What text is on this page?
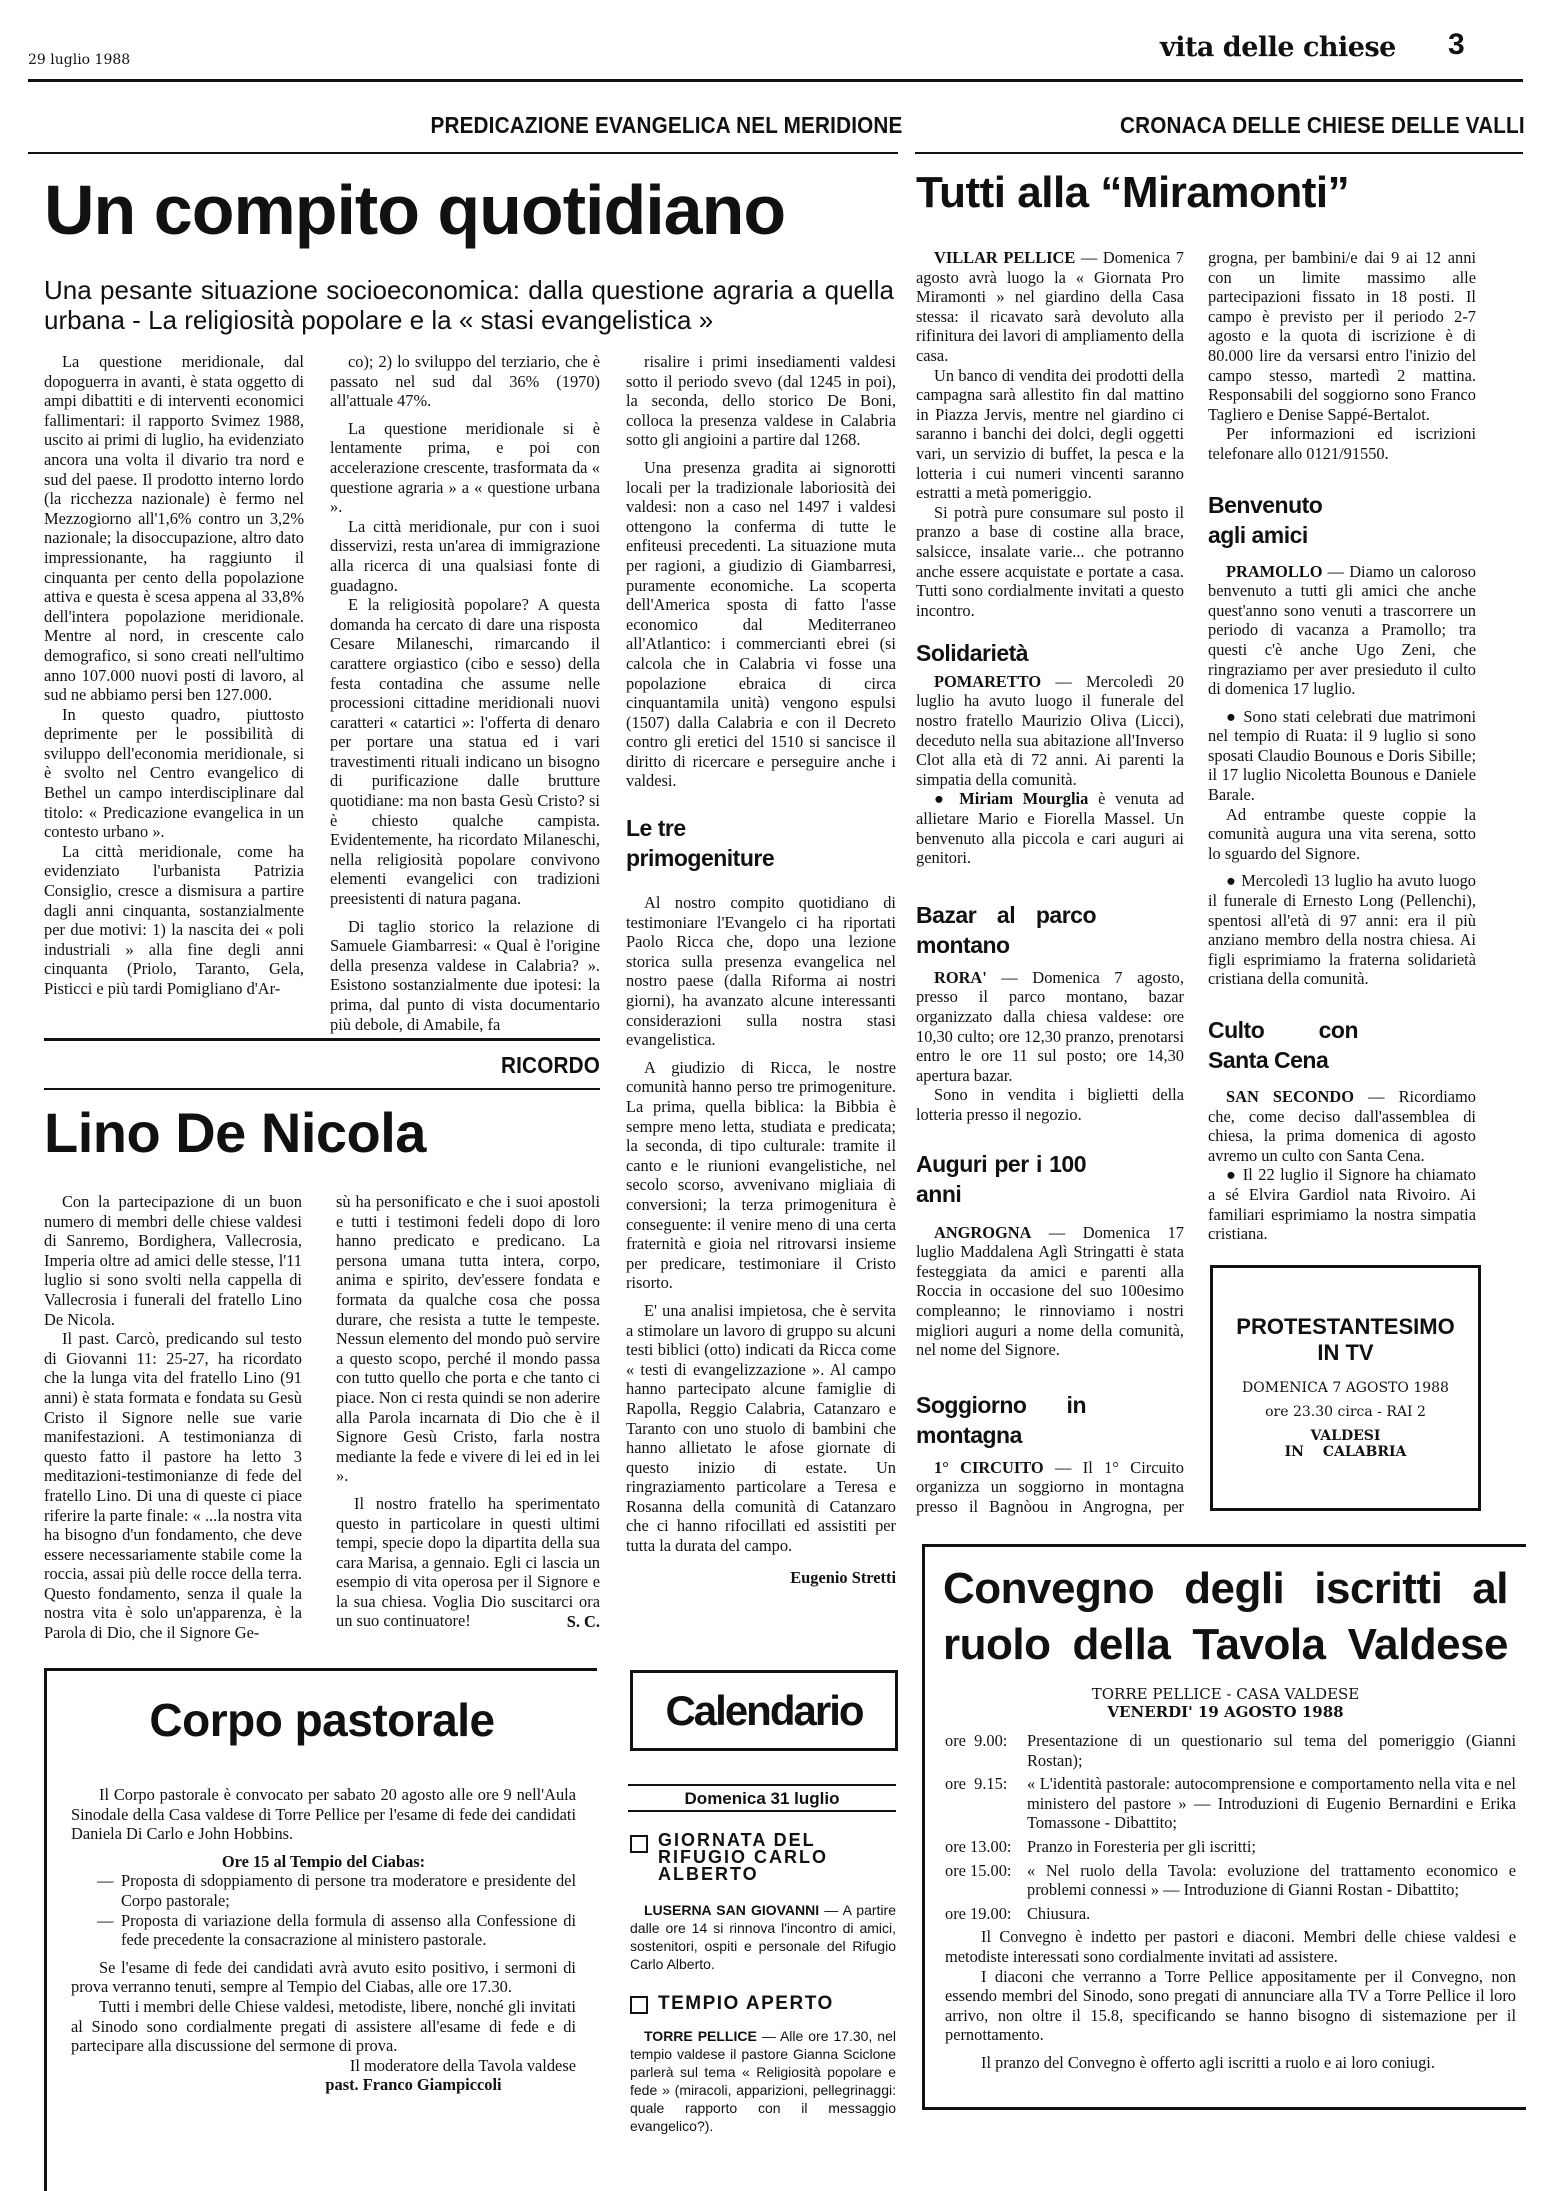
29 luglio 1988	vita delle chiese 3
PREDICAZIONE EVANGELICA NEL MERIDIONE	CRONACA DELLE CHIESE DELLE VALLI
Un compito quotidiano
Una pesante situazione socioeconomica: dalla questione agraria a quella urbana - La religiosità popolare e la « stasi evangelistica »

La questione meridionale, dal dopoguerra in avanti, è stata oggetto di ampi dibattiti e di interventi economici fallimentari: il rapporto Svimez 1988, uscito ai primi di luglio, ha evidenziato ancora una volta il divario tra nord e sud del paese. Il prodotto interno lordo (la ricchezza nazionale) è fermo nel Mezzogiorno all'1,6% contro un 3,2% nazionale; la disoccupazione, altro dato impressionante, ha raggiunto il cinquanta per cento della popolazione attiva e questa è scesa appena al 33,8% dell'intera popolazione meridionale. Mentre al nord, in crescente calo demografico, si sono creati nell'ultimo anno 107.000 nuovi posti di lavoro, al sud ne abbiamo persi ben 127.000.

In questo quadro, piuttosto deprimente per le possibilità di sviluppo dell'economia meridionale, si è svolto nel Centro evangelico di Bethel un campo interdisciplinare dal titolo: « Predicazione evangelica in un contesto urbano ».

La città meridionale, come ha evidenziato l'urbanista Patrizia Consiglio, cresce a dismisura a partire dagli anni cinquanta, sostanzialmente per due motivi: 1) la nascita dei « poli industriali » alla fine degli anni cinquanta (Priolo, Taranto, Gela, Pisticci e più tardi Pomigliano d'Ar-

co); 2) lo sviluppo del terziario, che è passato nel sud dal 36% (1970) all'attuale 47%.

La questione meridionale si è lentamente prima, e poi con accelerazione crescente, trasformata da « questione agraria » a « questione urbana ».

La città meridionale, pur con i suoi disservizi, resta un'area di immigrazione alla ricerca di una qualsiasi fonte di guadagno.

E la religiosità popolare? A questa domanda ha cercato di dare una risposta Cesare Milaneschi, rimarcando il carattere orgiastico (cibo e sesso) della festa contadina che assume nelle processioni cittadine meridionali nuovi caratteri « catartici »: l'offerta di denaro per portare una statua ed i vari travestimenti rituali indicano un bisogno di purificazione dalle brutture quotidiane: ma non basta Gesù Cristo? si è chiesto qualche campista. Evidentemente, ha ricordato Milaneschi, nella religiosità popolare convivono elementi evangelici con tradizioni preesistenti di natura pagana.

Di taglio storico la relazione di Samuele Giambarresi: « Qual è l'origine della presenza valdese in Calabria? ». Esistono sostanzialmente due ipotesi: la prima, dal punto di vista documentario più debole, di Amabile, fa

risalire i primi insediamenti valdesi sotto il periodo svevo (dal 1245 in poi), la seconda, dello storico De Boni, colloca la presenza valdese in Calabria sotto gli angioini a partire dal 1268.

Una presenza gradita ai signorotti locali per la tradizionale laboriosità dei valdesi: non a caso nel 1497 i valdesi ottengono la conferma di tutte le enfiteusi precedenti. La situazione muta per ragioni, a giudizio di Giambarresi, puramente economiche. La scoperta dell'America sposta di fatto l'asse economico dal Mediterraneo all'Atlantico: i commercianti ebrei (si calcola che in Calabria vi fosse una popolazione ebraica di circa cinquantamila unità) vengono espulsi (1507) dalla Calabria e con il Decreto contro gli eretici del 1510 si sancisce il diritto di ricercare e perseguire anche i valdesi.

Le tre primogeniture

Al nostro compito quotidiano di testimoniare l'Evangelo ci ha riportati Paolo Ricca che, dopo una lezione storica sulla presenza evangelica nel nostro paese (dalla Riforma ai nostri giorni), ha avanzato alcune interessanti considerazioni sulla nostra stasi evangelistica.

A giudizio di Ricca, le nostre comunità hanno perso tre primogeniture. La prima, quella biblica: la Bibbia è sempre meno letta, studiata e predicata; la seconda, di tipo culturale: tramite il canto e le riunioni evangelistiche, nel secolo scorso, avvenivano migliaia di conversioni; la terza primogenitura è conseguente: il venire meno di una certa fraternità e gioia nel ritrovarsi insieme per predicare, testimoniare il Cristo risorto.

E' una analisi impietosa, che è servita a stimolare un lavoro di gruppo su alcuni testi biblici (otto) indicati da Ricca come « testi di evangelizzazione ». Al campo hanno partecipato alcune famiglie di Rapolla, Reggio Calabria, Catanzaro e Taranto con uno stuolo di bambini che hanno allietato le afose giornate di questo inizio di estate. Un ringraziamento particolare a Teresa e Rosanna della comunità di Catanzaro che ci hanno rifocillati ed assistiti per tutta la durata del campo.

Eugenio Stretti
RICORDO
Lino De Nicola

Con la partecipazione di un buon numero di membri delle chiese valdesi di Sanremo, Bordighera, Vallecrosia, Imperia oltre ad amici delle stesse, l'11 luglio si sono svolti nella cappella di Vallecrosia i funerali del fratello Lino De Nicola.

Il past. Carcò, predicando sul testo di Giovanni 11: 25-27, ha ricordato che la lunga vita del fratello Lino (91 anni) è stata formata e fondata su Gesù Cristo il Signore nelle sue varie manifestazioni. A testimonianza di questo fatto il pastore ha letto 3 meditazioni-testimonianze di fede del fratello Lino. Di una di queste ci piace riferire la parte finale: « ...la nostra vita ha bisogno d'un fondamento, che deve essere necessariamente stabile come la roccia, assai più delle rocce della terra. Questo fondamento, senza il quale la nostra vita è solo un'apparenza, è la Parola di Dio, che il Signore Ge-

sù ha personificato e che i suoi apostoli e tutti i testimoni fedeli dopo di loro hanno predicato e predicano. La persona umana tutta intera, corpo, anima e spirito, dev'essere fondata e formata da qualche cosa che possa durare, che resista a tutte le tempeste. Nessun elemento del mondo può servire a questo scopo, perché il mondo passa con tutto quello che porta e che tanto ci piace. Non ci resta quindi se non aderire alla Parola incarnata di Dio che è il Signore Gesù Cristo, farla nostra mediante la fede e vivere di lei ed in lei ».

Il nostro fratello ha sperimentato questo in particolare in questi ultimi tempi, specie dopo la dipartita della sua cara Marisa, a gennaio. Egli ci lascia un esempio di vita operosa per il Signore e la sua chiesa. Voglia Dio suscitarci ora un suo continuatore!	S. C.
Corpo pastorale

Il Corpo pastorale è convocato per sabato 20 agosto alle ore 9 nell'Aula Sinodale della Casa valdese di Torre Pellice per l'esame di fede dei candidati Daniela Di Carlo e John Hobbins.

Ore 15 al Tempio del Ciabas:
— Proposta di sdoppiamento di persone tra moderatore e presidente del Corpo pastorale;
— Proposta di variazione della formula di assenso alla Confessione di fede precedente la consacrazione al ministero pastorale.

Se l'esame di fede dei candidati avrà avuto esito positivo, i sermoni di prova verranno tenuti, sempre al Tempio del Ciabas, alle ore 17.30.

Tutti i membri delle Chiese valdesi, metodiste, libere, nonché gli invitati al Sinodo sono cordialmente pregati di assistere all'esame di fede e di partecipare alla discussione del sermone di prova.

Il moderatore della Tavola valdese
past. Franco Giampiccoli
Calendario
Domenica 31 luglio
GIORNATA DEL RIFUGIO CARLO ALBERTO
LUSERNA SAN GIOVANNI — A partire dalle ore 14 si rinnova l'incontro di amici, sostenitori, ospiti e personale del Rifugio Carlo Alberto.
TEMPIO APERTO
TORRE PELLICE — Alle ore 17.30, nel tempio valdese il pastore Gianna Sciclone parlerà sul tema « Religiosità popolare e fede » (miracoli, apparizioni, pellegrinaggi: quale rapporto con il messaggio evangelico?).
Tutti alla “Miramonti”

VILLAR PELLICE — Domenica 7 agosto avrà luogo la « Giornata Pro Miramonti » nel giardino della Casa stessa: il ricavato sarà devoluto alla rifinitura dei lavori di ampliamento della casa.

Un banco di vendita dei prodotti della campagna sarà allestito fin dal mattino in Piazza Jervis, mentre nel giardino ci saranno i banchi dei dolci, degli oggetti vari, un servizio di buffet, la pesca e la lotteria i cui numeri vincenti saranno estratti a metà pomeriggio.

Si potrà pure consumare sul posto il pranzo a base di costine alla brace, salsicce, insalate varie... che potranno anche essere acquistate e portate a casa. Tutti sono cordialmente invitati a questo incontro.

Solidarietà

POMARETTO — Mercoledì 20 luglio ha avuto luogo il funerale del nostro fratello Maurizio Oliva (Licci), deceduto nella sua abitazione all'Inverso Clot alla età di 72 anni. Ai parenti la simpatia della comunità.

● Miriam Mourglia è venuta ad allietare Mario e Fiorella Massel. Un benvenuto alla piccola e cari auguri ai genitori.

Bazar al parco montano

RORA' — Domenica 7 agosto, presso il parco montano, bazar organizzato dalla chiesa valdese: ore 10,30 culto; ore 12,30 pranzo, prenotarsi entro le ore 11 sul posto; ore 14,30 apertura bazar.

Sono in vendita i biglietti della lotteria presso il negozio.

Auguri per i 100 anni

ANGROGNA — Domenica 17 luglio Maddalena Aglì Stringatti è stata festeggiata da amici e parenti alla Roccia in occasione del suo 100esimo compleanno; le rinnoviamo i nostri migliori auguri a nome della comunità, nel nome del Signore.

Soggiorno in montagna

1° CIRCUITO — Il 1° Circuito organizza un soggiorno in montagna presso il Bagnòou in Angrogna, per

grogna, per bambini/e dai 9 ai 12 anni con un limite massimo alle partecipazioni fissato in 18 posti. Il campo è previsto per il periodo 2-7 agosto e la quota di iscrizione è di 80.000 lire da versarsi entro l'inizio del campo stesso, martedì 2 mattina. Responsabili del soggiorno sono Franco Tagliero e Denise Sappé-Bertalot.

Per informazioni ed iscrizioni telefonare allo 0121/91550.

Benvenuto agli amici

PRAMOLLO — Diamo un caloroso benvenuto a tutti gli amici che anche quest'anno sono venuti a trascorrere un periodo di vacanza a Pramollo; tra questi c'è anche Ugo Zeni, che ringraziamo per aver presieduto il culto di domenica 17 luglio.

● Sono stati celebrati due matrimoni nel tempio di Ruata: il 9 luglio si sono sposati Claudio Bounous e Doris Sibille; il 17 luglio Nicoletta Bounous e Daniele Barale.

Ad entrambe queste coppie la comunità augura una vita serena, sotto lo sguardo del Signore.

● Mercoledì 13 luglio ha avuto luogo il funerale di Ernesto Long (Pellenchi), spentosi all'età di 97 anni: era il più anziano membro della nostra chiesa. Ai figli esprimiamo la fraterna solidarietà cristiana della comunità.

Culto con Santa Cena

SAN SECONDO — Ricordiamo che, come deciso dall'assemblea di chiesa, la prima domenica di agosto avremo un culto con Santa Cena.

● Il 22 luglio il Signore ha chiamato a sé Elvira Gardiol nata Rivoiro. Ai familiari esprimiamo la nostra simpatia cristiana.

PROTESTANTESIMO
IN TV
DOMENICA 7 AGOSTO 1988
ore 23.30 circa - RAI 2
VALDESI
IN CALABRIA
Convegno degli iscritti al ruolo della Tavola Valdese
TORRE PELLICE - CASA VALDESE
VENERDI' 19 AGOSTO 1988
ore  9.00:	Presentazione di un questionario sul tema del pomeriggio (Gianni Rostan);
ore  9.15:	« L'identità pastorale: autocomprensione e comportamento nella vita e nel ministero del pastore » — Introduzioni di Eugenio Bernardini e Erika Tomassone - Dibattito;
ore 13.00: Pranzo in Foresteria per gli iscritti;
ore 15.00: « Nel ruolo della Tavola: evoluzione del trattamento economico e problemi connessi » — Introduzione di Gianni Rostan - Dibattito;
ore 19.00: Chiusura.

Il Convegno è indetto per pastori e diaconi. Membri delle chiese valdesi e metodiste interessati sono cordialmente invitati ad assistere.

I diaconi che verranno a Torre Pellice appositamente per il Convegno, non essendo membri del Sinodo, sono pregati di annunciare alla TV a Torre Pellice il loro arrivo, non oltre il 15.8, specificando se hanno bisogno di sistemazione per il pernottamento.

Il pranzo del Convegno è offerto agli iscritti a ruolo e ai loro coniugi.
